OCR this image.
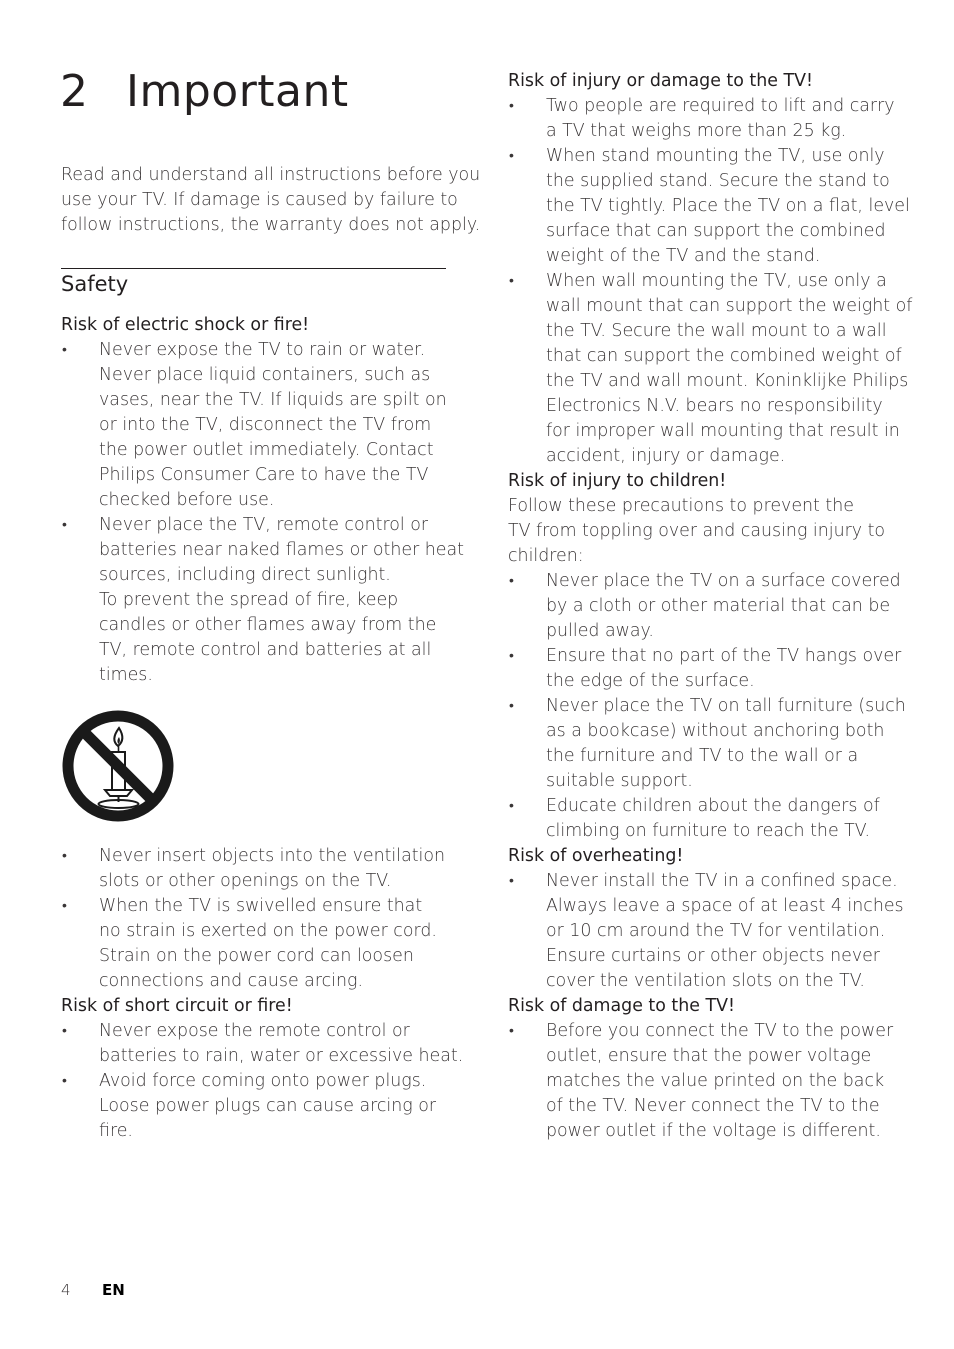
2 Important

Read and understand all instructions before you
use your TV. If damage is caused by failure to
follow instructions, the warranty does not apply.

Safety

Risk of electric shock or fire!

• Never expose the TV to rain or water.
Never place liquid containers, such as
vases, near the TV. If liquids are spilt on
or into the TV, disconnect the TV from
the power outlet immediately. Contact
Philips Consumer Care to have the TV
checked before use.
• Never place the TV, remote control or
batteries near naked flames or other heat
sources, including direct sunlight.
To prevent the spread of fire, keep
candles or other flames away from the
TV, remote control and batteries at all
times.
• Never insert objects into the ventilation
slots or other openings on the TV.
• When the TV is swivelled ensure that
no strain is exerted on the power cord.
Strain on the power cord can loosen
connections and cause arcing.

Risk of short circuit or fire!

• Never expose the remote control or
batteries to rain, water or excessive heat.
• Avoid force coming onto power plugs.
Loose power plugs can cause arcing or
fire.

Risk of injury or damage to the TV!

• Two people are required to lift and carry
a TV that weighs more than 25 kg.
• When stand mounting the TV, use only
the supplied stand. Secure the stand to
the TV tightly. Place the TV on a flat, level
surface that can support the combined
weight of the TV and the stand.
• When wall mounting the TV, use only a
wall mount that can support the weight of
the TV. Secure the wall mount to a wall
that can support the combined weight of
the TV and wall mount. Koninklijke Philips
Electronics N.V. bears no responsibility
for improper wall mounting that result in
accident, injury or damage.

Risk of injury to children!

Follow these precautions to prevent the
TV from toppling over and causing injury to
children:

• Never place the TV on a surface covered
by a cloth or other material that can be
pulled away.
• Ensure that no part of the TV hangs over
the edge of the surface.
• Never place the TV on tall furniture (such
as a bookcase) without anchoring both
the furniture and TV to the wall or a
suitable support.
• Educate children about the dangers of
climbing on furniture to reach the TV.

Risk of overheating!

• Never install the TV in a confined space.
Always leave a space of at least 4 inches
or 10 cm around the TV for ventilation.
Ensure curtains or other objects never
cover the ventilation slots on the TV.

Risk of damage to the TV!

• Before you connect the TV to the power
outlet, ensure that the power voltage
matches the value printed on the back
of the TV. Never connect the TV to the
power outlet if the voltage is different.
4 EN
